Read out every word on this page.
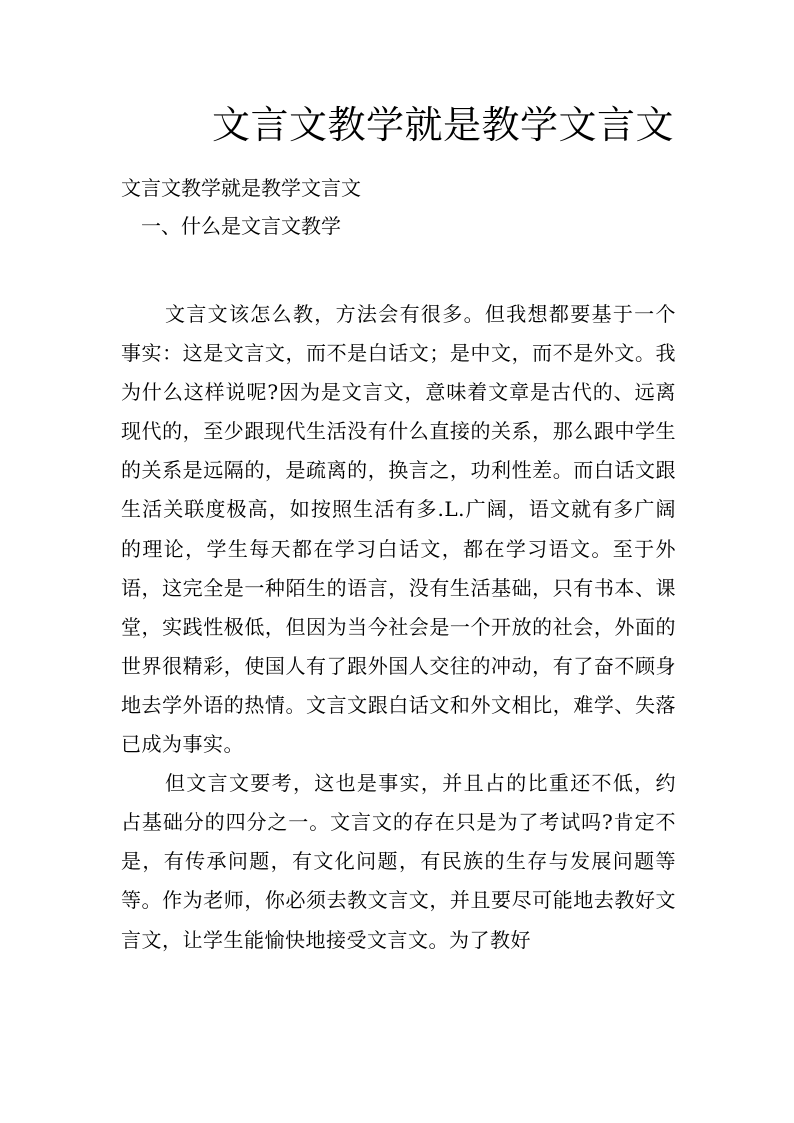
文言文教学就是教学文言文
文言文教学就是教学文言文
一、什么是文言文教学

文言文该怎么教，方法会有很多。但我想都要基于一个事实：这是文言文，而不是白话文；是中文，而不是外文。我为什么这样说呢?因为是文言文，意味着文章是古代的、远离现代的，至少跟现代生活没有什么直接的关系，那么跟中学生的关系是远隔的，是疏离的，换言之，功利性差。而白话文跟生活关联度极高，如按照生活有多.L.广阔，语文就有多广阔的理论，学生每天都在学习白话文，都在学习语文。至于外语，这完全是一种陌生的语言，没有生活基础，只有书本、课堂，实践性极低，但因为当今社会是一个开放的社会，外面的世界很精彩，使国人有了跟外国人交往的冲动，有了奋不顾身地去学外语的热情。文言文跟白话文和外文相比，难学、失落已成为事实。

但文言文要考，这也是事实，并且占的比重还不低，约占基础分的四分之一。文言文的存在只是为了考试吗?肯定不是，有传承问题，有文化问题，有民族的生存与发展问题等等。作为老师，你必须去教文言文，并且要尽可能地去教好文言文，让学生能愉快地接受文言文。为了教好
